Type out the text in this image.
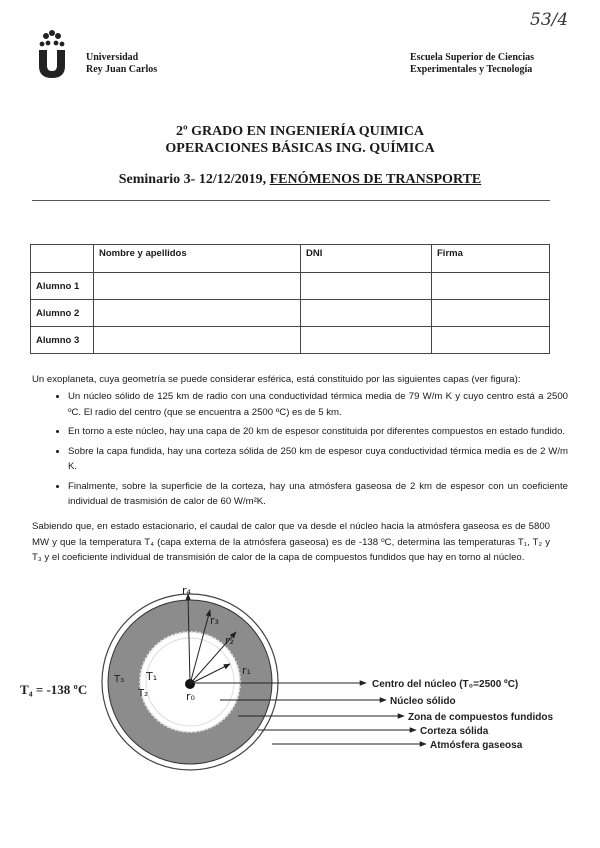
53/4
Universidad
Rey Juan Carlos
Escuela Superior de Ciencias
Experimentales y Tecnología
2º GRADO EN INGENIERÍA QUIMICA
OPERACIONES BÁSICAS ING. QUÍMICA
Seminario 3- 12/12/2019, FENÓMENOS DE TRANSPORTE
	Nombre y apellidos	DNI	Firma
Alumno 1			
Alumno 2			
Alumno 3			
Un exoplaneta, cuya geometría se puede considerar esférica, está constituido por las siguientes capas (ver figura):
• Un núcleo sólido de 125 km de radio con una conductividad térmica media de 79 W/m K y cuyo centro está a 2500 ºC. El radio del centro (que se encuentra a 2500 ºC) es de 5 km.
• En torno a este núcleo, hay una capa de 20 km de espesor constituida por diferentes compuestos en estado fundido.
• Sobre la capa fundida, hay una corteza sólida de 250 km de espesor cuya conductividad térmica media es de 2 W/m K.
• Finalmente, sobre la superficie de la corteza, hay una atmósfera gaseosa de 2 km de espesor con un coeficiente individual de trasmisión de calor de 60 W/m²K.
Sabiendo que, en estado estacionario, el caudal de calor que va desde el núcleo hacia la atmósfera gaseosa es de 5800 MW y que la temperatura T₄ (capa externa de la atmósfera gaseosa) es de -138 ºC, determina las temperaturas T₁, T₂ y T₃ y el coeficiente individual de transmisión de calor de la capa de compuestos fundidos que hay en torno al núcleo.
r₀
r₁
r₂
r₃
r₄
T₁
T₂
T₃
T₄ = -138 ºC	Centro del núcleo (T₀=2500 ºC)
Núcleo sólido
Zona de compuestos fundidos
Corteza sólida
Atmósfera gaseosa
